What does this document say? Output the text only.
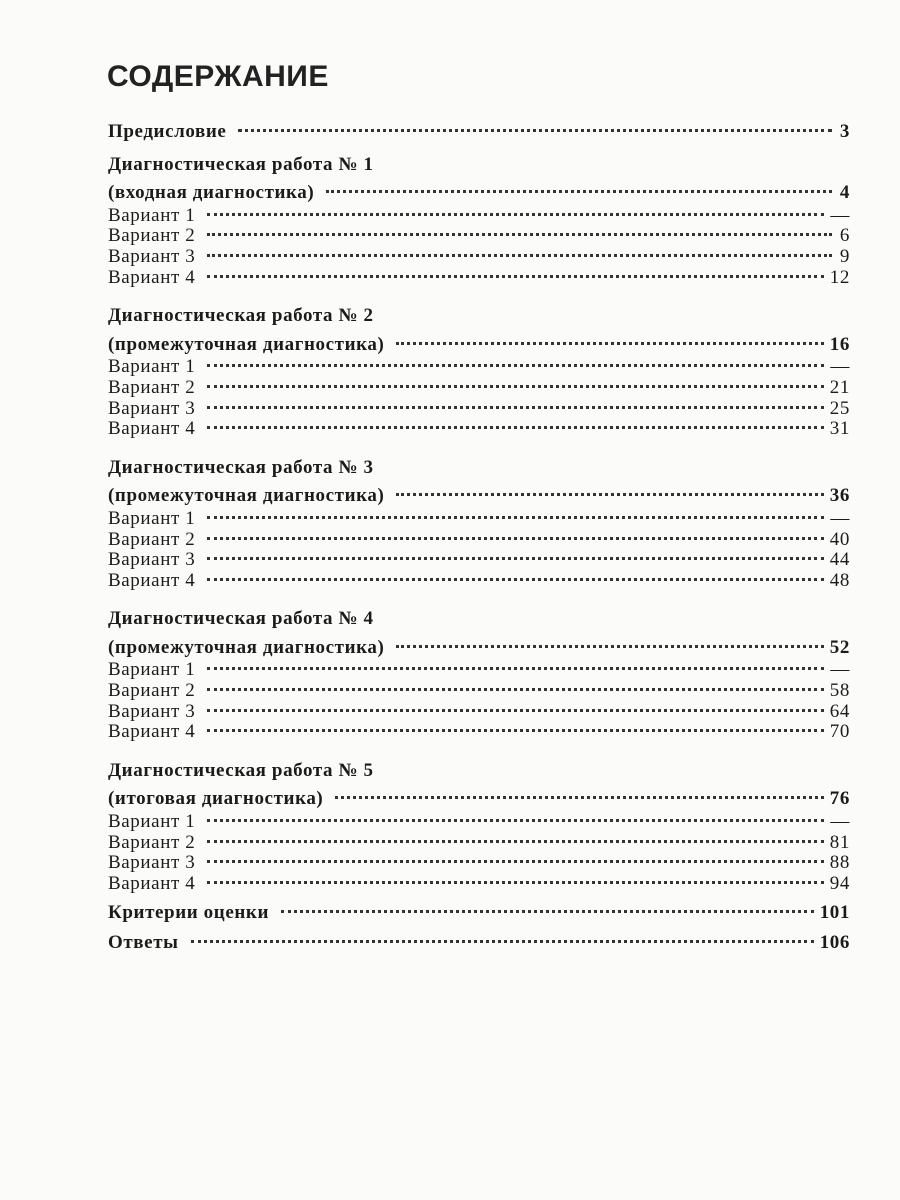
СОДЕРЖАНИЕ
Предисловие	3
Диагностическая работа № 1
(входная диагностика)	4
Вариант 1	—
Вариант 2	6
Вариант 3	9
Вариант 4	12
Диагностическая работа № 2
(промежуточная диагностика)	16
Вариант 1	—
Вариант 2	21
Вариант 3	25
Вариант 4	31
Диагностическая работа № 3
(промежуточная диагностика)	36
Вариант 1	—
Вариант 2	40
Вариант 3	44
Вариант 4	48
Диагностическая работа № 4
(промежуточная диагностика)	52
Вариант 1	—
Вариант 2	58
Вариант 3	64
Вариант 4	70
Диагностическая работа № 5
(итоговая диагностика)	76
Вариант 1	—
Вариант 2	81
Вариант 3	88
Вариант 4	94
Критерии оценки	101
Ответы	106
